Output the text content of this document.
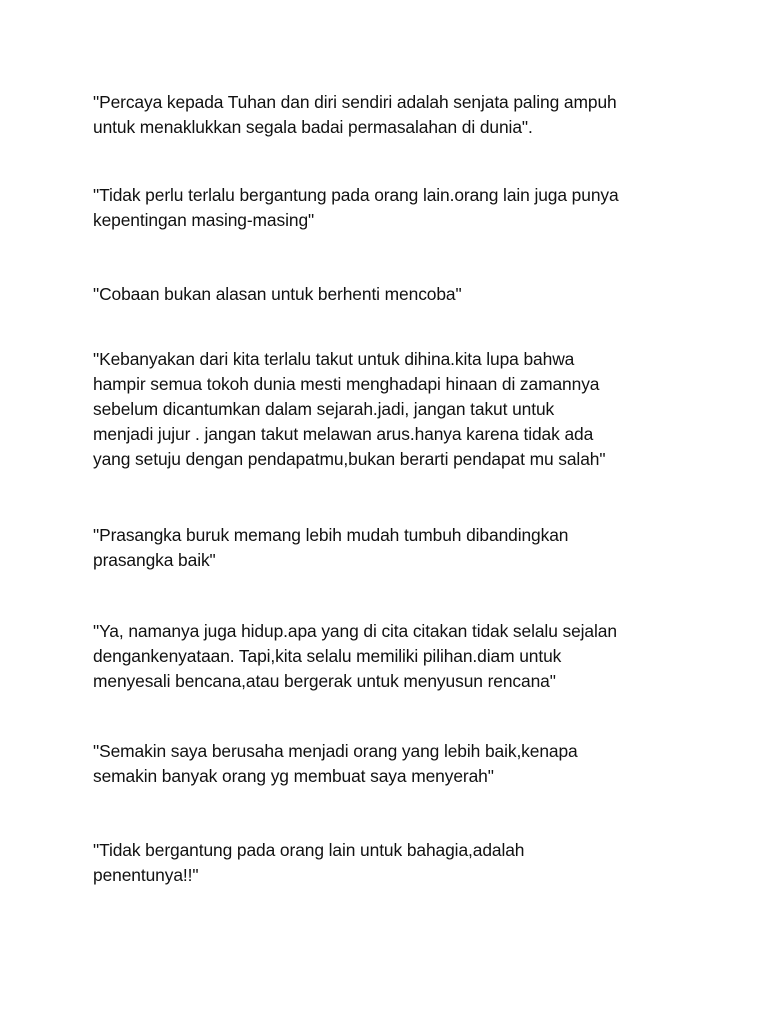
"Percaya kepada Tuhan dan diri sendiri adalah senjata paling ampuh
untuk menaklukkan segala badai permasalahan di dunia".

"Tidak perlu terlalu bergantung pada orang lain.orang lain juga punya
kepentingan masing-masing"

"Cobaan bukan alasan untuk berhenti mencoba"

"Kebanyakan dari kita terlalu takut untuk dihina.kita lupa bahwa
hampir semua tokoh dunia mesti menghadapi hinaan di zamannya
sebelum dicantumkan dalam sejarah.jadi, jangan takut untuk
menjadi jujur . jangan takut melawan arus.hanya karena tidak ada
yang setuju dengan pendapatmu,bukan berarti pendapat mu salah"

"Prasangka buruk memang lebih mudah tumbuh dibandingkan
prasangka baik"

"Ya, namanya juga hidup.apa yang di cita citakan tidak selalu sejalan
dengankenyataan. Tapi,kita selalu memiliki pilihan.diam untuk
menyesali bencana,atau bergerak untuk menyusun rencana"

"Semakin saya berusaha menjadi orang yang lebih baik,kenapa
semakin banyak orang yg membuat saya menyerah"

"Tidak bergantung pada orang lain untuk bahagia,adalah
penentunya!!"
